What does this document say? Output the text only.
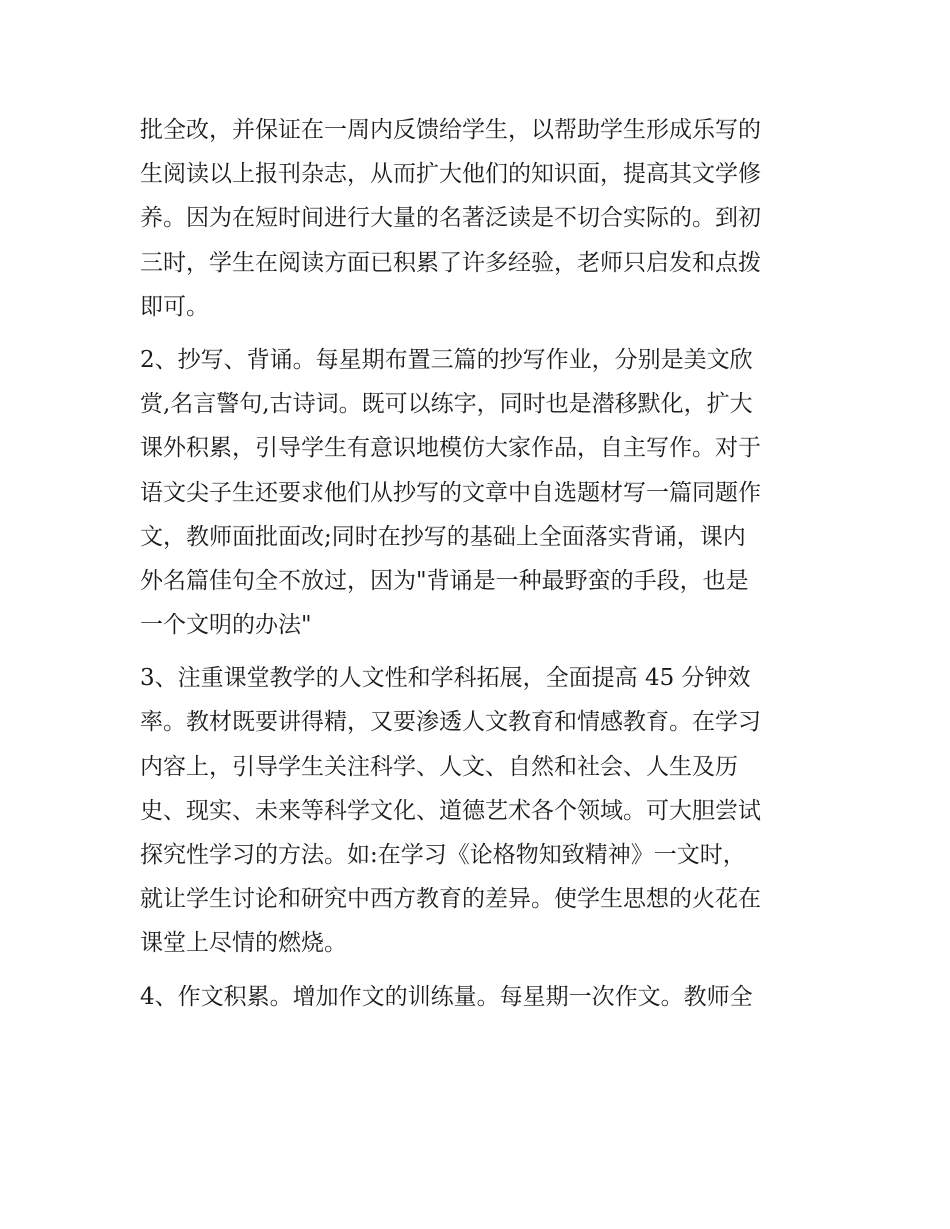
批全改，并保证在一周内反馈给学生，以帮助学生形成乐写的
生阅读以上报刊杂志，从而扩大他们的知识面，提高其文学修
养。因为在短时间进行大量的名著泛读是不切合实际的。到初
三时，学生在阅读方面已积累了许多经验，老师只启发和点拨
即可。
2、抄写、背诵。每星期布置三篇的抄写作业，分别是美文欣
赏,名言警句,古诗词。既可以练字，同时也是潜移默化，扩大
课外积累，引导学生有意识地模仿大家作品，自主写作。对于
语文尖子生还要求他们从抄写的文章中自选题材写一篇同题作
文，教师面批面改;同时在抄写的基础上全面落实背诵，课内
外名篇佳句全不放过，因为"背诵是一种最野蛮的手段，也是
一个文明的办法"
3、注重课堂教学的人文性和学科拓展，全面提高 45 分钟效
率。教材既要讲得精，又要渗透人文教育和情感教育。在学习
内容上，引导学生关注科学、人文、自然和社会、人生及历
史、现实、未来等科学文化、道德艺术各个领域。可大胆尝试
探究性学习的方法。如:在学习《论格物知致精神》一文时，
就让学生讨论和研究中西方教育的差异。使学生思想的火花在
课堂上尽情的燃烧。
4、作文积累。增加作文的训练量。每星期一次作文。教师全
